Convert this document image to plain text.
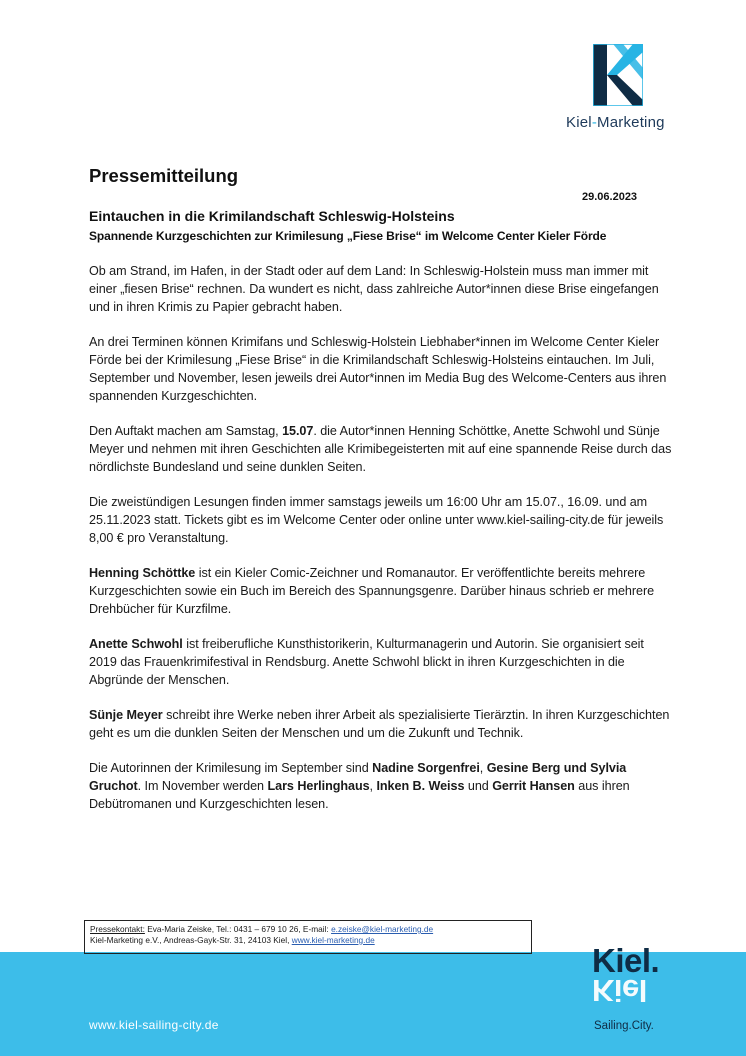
Kiel-Marketing
Pressemitteilung
29.06.2023
Eintauchen in die Krimilandschaft Schleswig-Holsteins
Spannende Kurzgeschichten zur Krimilesung „Fiese Brise“ im Welcome Center Kieler Förde

Ob am Strand, im Hafen, in der Stadt oder auf dem Land: In Schleswig-Holstein muss man immer mit einer „fiesen Brise“ rechnen. Da wundert es nicht, dass zahlreiche Autor*innen diese Brise eingefangen und in ihren Krimis zu Papier gebracht haben.

An drei Terminen können Krimifans und Schleswig-Holstein Liebhaber*innen im Welcome Center Kieler Förde bei der Krimilesung „Fiese Brise“ in die Krimilandschaft Schleswig-Holsteins eintauchen. Im Juli, September und November, lesen jeweils drei Autor*innen im Media Bug des Welcome-Centers aus ihren spannenden Kurzgeschichten.

Den Auftakt machen am Samstag, 15.07. die Autor*innen Henning Schöttke, Anette Schwohl und Sünje Meyer und nehmen mit ihren Geschichten alle Krimibegeisterten mit auf eine spannende Reise durch das nördlichste Bundesland und seine dunklen Seiten.

Die zweistündigen Lesungen finden immer samstags jeweils um 16:00 Uhr am 15.07., 16.09. und am 25.11.2023 statt. Tickets gibt es im Welcome Center oder online unter www.kiel-sailing-city.de für jeweils 8,00 € pro Veranstaltung.

Henning Schöttke ist ein Kieler Comic-Zeichner und Romanautor. Er veröffentlichte bereits mehrere Kurzgeschichten sowie ein Buch im Bereich des Spannungsgenre. Darüber hinaus schrieb er mehrere Drehbücher für Kurzfilme.

Anette Schwohl ist freiberufliche Kunsthistorikerin, Kulturmanagerin und Autorin. Sie organisiert seit 2019 das Frauenkrimifestival in Rendsburg. Anette Schwohl blickt in ihren Kurzgeschichten in die Abgründe der Menschen.

Sünje Meyer schreibt ihre Werke neben ihrer Arbeit als spezialisierte Tierärztin. In ihren Kurzgeschichten geht es um die dunklen Seiten der Menschen und um die Zukunft und Technik.

Die Autorinnen der Krimilesung im September sind Nadine Sorgenfrei, Gesine Berg und Sylvia Gruchot. Im November werden Lars Herlinghaus, Inken B. Weiss und Gerrit Hansen aus ihren Debütromanen und Kurzgeschichten lesen.

Pressekontakt: Eva-Maria Zeiske, Tel.: 0431 – 679 10 26, E-mail: e.zeiske@kiel-marketing.de
Kiel-Marketing e.V., Andreas-Gayk-Str. 31, 24103 Kiel, www.kiel-marketing.de
www.kiel-sailing-city.de
Kiel.
Kiel
Sailing.City.
